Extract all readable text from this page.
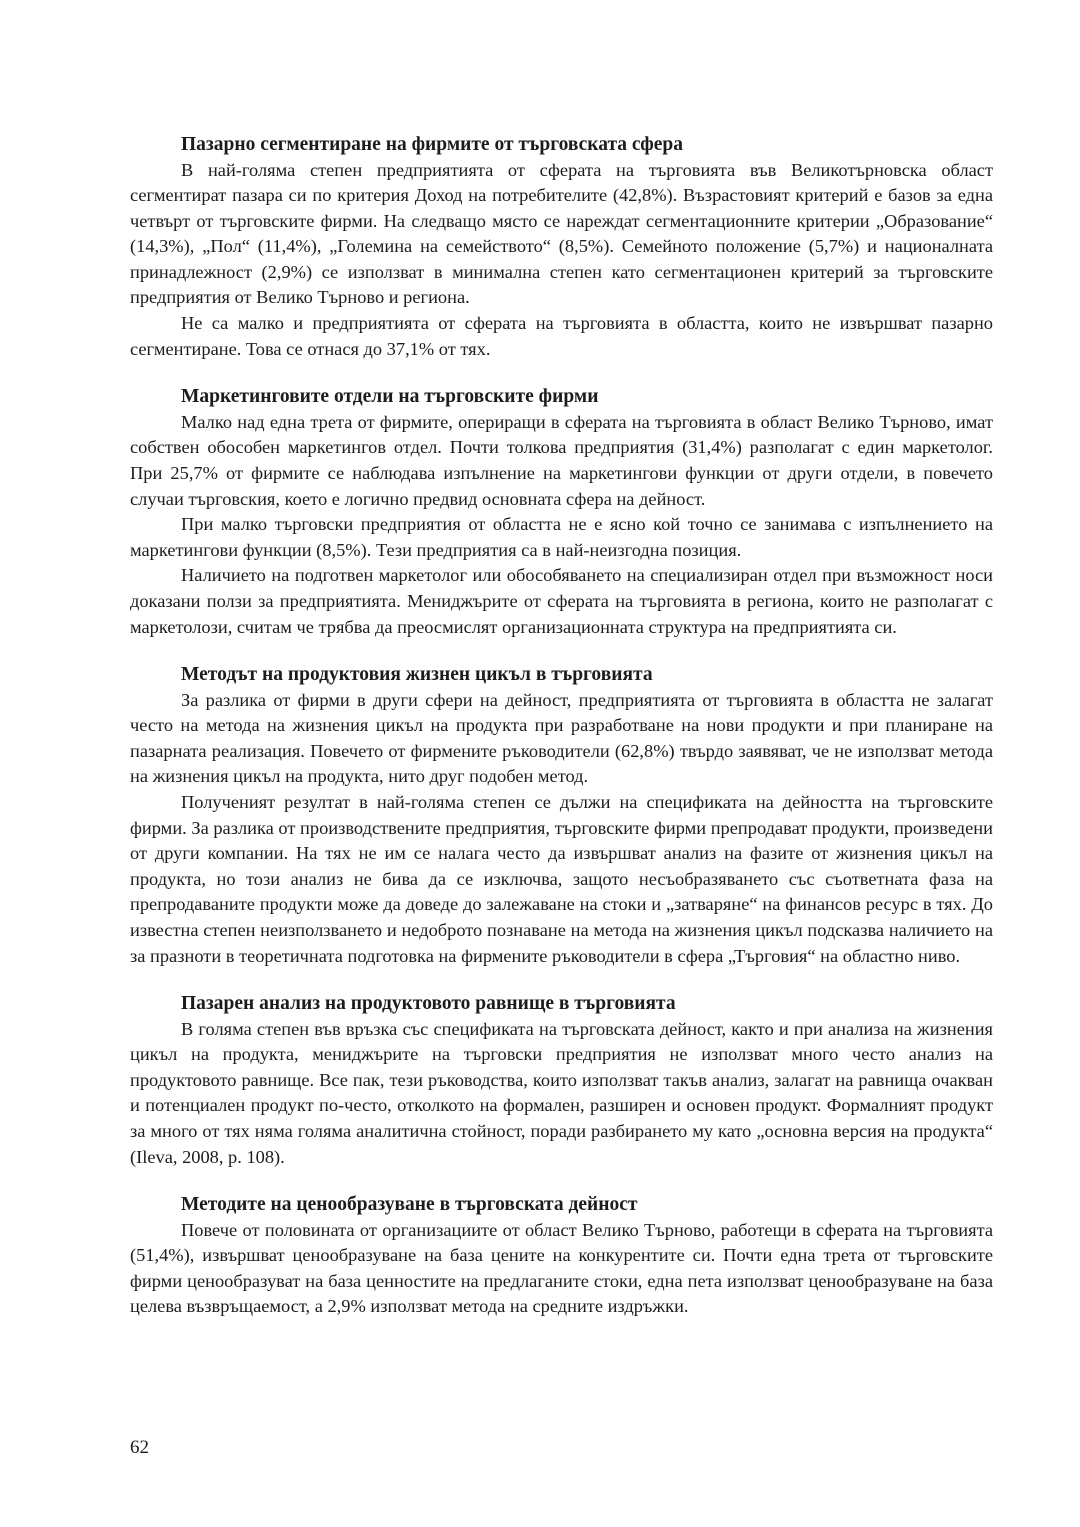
Пазарно сегментиране на фирмите от търговската сфера

В най-голяма степен предприятията от сферата на търговията във Великотърновска област сегментират пазара си по критерия Доход на потребителите (42,8%). Възрастовият критерий е базов за една четвърт от търговските фирми. На следващо място се нареждат сегментационните критерии „Образование“ (14,3%), „Пол“ (11,4%), „Големина на семейството“ (8,5%). Семейното положение (5,7%) и националната принадлежност (2,9%) се използват в минимална степен като сегментационен критерий за търговските предприятия от Велико Търново и региона.

Не са малко и предприятията от сферата на търговията в областта, които не извършват пазарно сегментиране. Това се отнася до 37,1% от тях.

Маркетинговите отдели на търговските фирми

Малко над една трета от фирмите, опериращи в сферата на търговията в област Велико Търново, имат собствен обособен маркетингов отдел. Почти толкова предприятия (31,4%) разполагат с един маркетолог. При 25,7% от фирмите се наблюдава изпълнение на маркетингови функции от други отдели, в повечето случаи търговския, което е логично предвид основната сфера на дейност.

При малко търговски предприятия от областта не е ясно кой точно се занимава с изпълнението на маркетингови функции (8,5%). Тези предприятия са в най-неизгодна позиция.

Наличието на подготвен маркетолог или обособяването на специализиран отдел при възможност носи доказани ползи за предприятията. Мениджърите от сферата на търговията в региона, които не разполагат с маркетолози, считам че трябва да преосмислят организационната структура на предприятията си.

Методът на продуктовия жизнен цикъл в търговията

За разлика от фирми в други сфери на дейност, предприятията от търговията в областта не залагат често на метода на жизнения цикъл на продукта при разработване на нови продукти и при планиране на пазарната реализация. Повечето от фирмените ръководители (62,8%) твърдо заявяват, че не използват метода на жизнения цикъл на продукта, нито друг подобен метод.

Полученият резултат в най-голяма степен се дължи на спецификата на дейността на търговските фирми. За разлика от производствените предприятия, търговските фирми препродават продукти, произведени от други компании. На тях не им се налага често да извършват анализ на фазите от жизнения цикъл на продукта, но този анализ не бива да се изключва, защото несъобразяването със съответната фаза на препродаваните продукти може да доведе до залежаване на стоки и „затваряне“ на финансов ресурс в тях. До известна степен неизползването и недоброто познаване на метода на жизнения цикъл подсказва наличието на за празноти в теоретичната подготовка на фирмените ръководители в сфера „Търговия“ на областно ниво.

Пазарен анализ на продуктовото равнище в търговията

В голяма степен във връзка със спецификата на търговската дейност, както и при анализа на жизнения цикъл на продукта, мениджърите на търговски предприятия не използват много често анализ на продуктовото равнище. Все пак, тези ръководства, които използват такъв анализ, залагат на равнища очакван и потенциален продукт по-често, отколкото на формален, разширен и основен продукт. Формалният продукт за много от тях няма голяма аналитична стойност, поради разбирането му като „основна версия на продукта“ (Ileva, 2008, p. 108).

Методите на ценообразуване в търговската дейност

Повече от половината от организациите от област Велико Търново, работещи в сферата на търговията (51,4%), извършват ценообразуване на база цените на конкурентите си. Почти една трета от търговските фирми ценообразуват на база ценностите на предлаганите стоки, една пета използват ценообразуване на база целева възвръщаемост, а 2,9% използват метода на средните издръжки.

62
